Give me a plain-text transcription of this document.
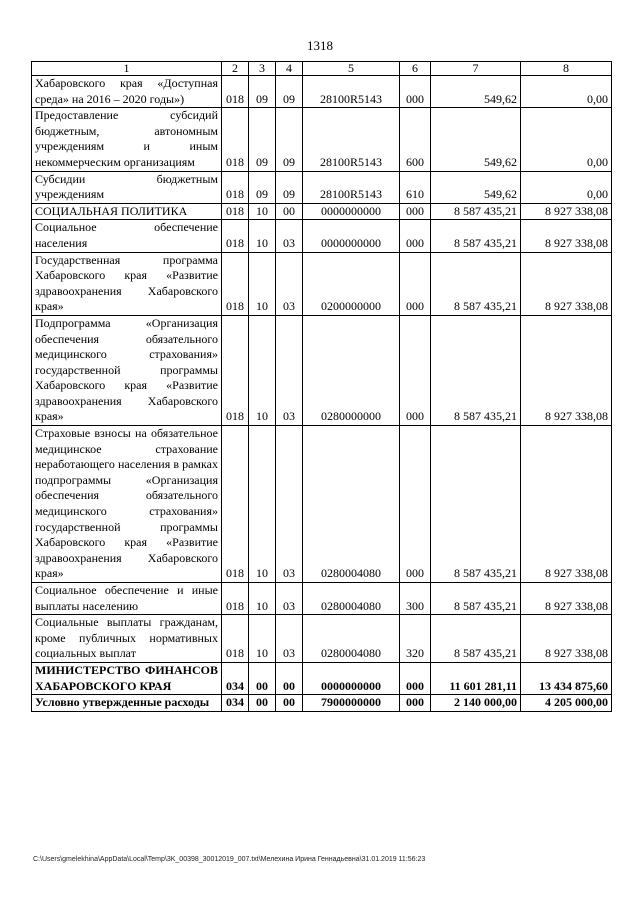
1318
1	2	3	4	5	6	7	8
Хабаровского края «Доступная среда» на 2016 – 2020 годы»)	018	09	09	28100R5143	000	549,62	0,00
Предоставление субсидий бюджетным, автономным учреждениям и иным некоммерческим организациям	018	09	09	28100R5143	600	549,62	0,00
Субсидии бюджетным учреждениям	018	09	09	28100R5143	610	549,62	0,00
СОЦИАЛЬНАЯ ПОЛИТИКА	018	10	00	0000000000	000	8 587 435,21	8 927 338,08
Социальное обеспечение населения	018	10	03	0000000000	000	8 587 435,21	8 927 338,08
Государственная программа Хабаровского края «Развитие здравоохранения Хабаровского края»	018	10	03	0200000000	000	8 587 435,21	8 927 338,08
Подпрограмма «Организация обеспечения обязательного медицинского страхования» государственной программы Хабаровского края «Развитие здравоохранения Хабаровского края»	018	10	03	0280000000	000	8 587 435,21	8 927 338,08
Страховые взносы на обязательное медицинское страхование неработающего населения в рамках подпрограммы «Организация обеспечения обязательного медицинского страхования» государственной программы Хабаровского края «Развитие здравоохранения Хабаровского края»	018	10	03	0280004080	000	8 587 435,21	8 927 338,08
Социальное обеспечение и иные выплаты населению	018	10	03	0280004080	300	8 587 435,21	8 927 338,08
Социальные выплаты гражданам, кроме публичных нормативных социальных выплат	018	10	03	0280004080	320	8 587 435,21	8 927 338,08
МИНИСТЕРСТВО ФИНАНСОВ ХАБАРОВСКОГО КРАЯ	034	00	00	0000000000	000	11 601 281,11	13 434 875,60
Условно утвержденные расходы	034	00	00	7900000000	000	2 140 000,00	4 205 000,00
C:\Users\gmelekhina\AppData\Local\Temp\3K_00398_30012019_007.txt\Мелехина Ирина Геннадьевна\31.01.2019 11:56:23
